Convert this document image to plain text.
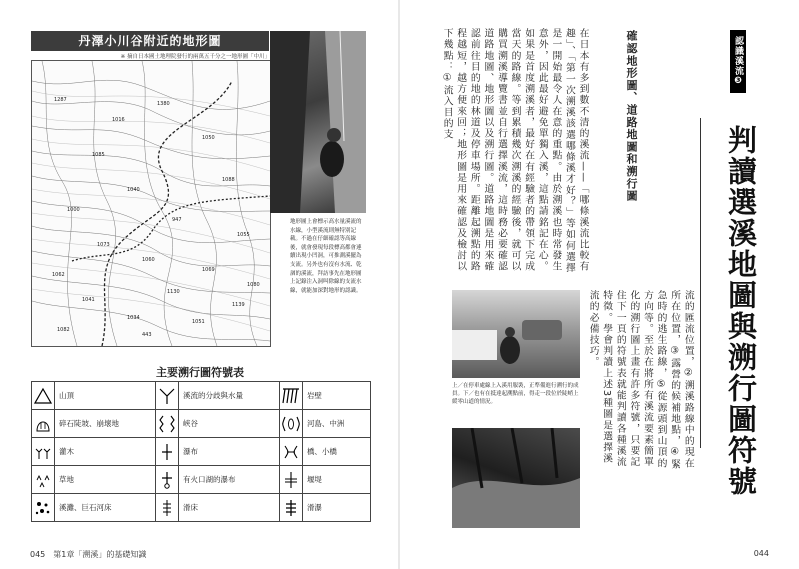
丹澤小川谷附近的地形圖
※ 摘自日本國土地理院發行的兩萬五千分之一地形圖「中川」
1287
1380
1085
1050
1040
1088
1000
947
1073
1055
1060
1062
1069
1130
1041
1139
1034
1051
443
1082
1080
1016
地形圖上會標示高水量溪流的水線，小型溪流則無特別記載。不過在仔細確認等高線後，就會發現每段標高都會連續出現小凹洞，可推測溪擺為支流。另外也有沒有水流、乾涸的溪流，拜訪事先在地形圖上記錄注入洞叫除線的支流水線，就能加深對地形的認識。
主要溯行圖符號表
	山頂		溪流的分歧與水量		岩壁

	碎石陡坡、崩壞地		峽谷		河島、中洲

	灌木		瀑布		橋、小橋

	草地		有火口湖的瀑布		堰堤

	溪灘、巨石河床		滑床		滑瀑
045　第1章「溯溪」的基礎知識
認識溪流❸
判讀選溪地圖與溯行圖符號
確認地形圖、道路地圖和溯行圖
在日本有多到數不清的溪流——「哪條溪流比較有趣」、「第一次溯溪該選哪條溪才好？」等如何選擇是一開始最令人在意的重點。由於溯溪也時常發生意外，因此最好避免單獨入溪，這點請銘記在心。如果是首度溯溪者，最好在有經驗者的帶領下完成當天的路線。等到累積幾次溯溪的經驗後，就可以購買溯溪導覽書並自行選擇溪流，這時務必要確認道路地圖、地形圖以及溯行圖。道路地圖是用來確認前往目的地的林道及停車場所。距離起溯點的路程越短，越方便來回；地形圖是用來確認及檢討以下幾點：①流入目的支
流的匯流位置，②溯溪路線中的現在所在位置，③露營的候補地點，④緊急時的逃生路線，⑤從源頭到山頂的方向等。至於在將所有溪流要素簡單化的溯行圖上畫有許多符號，只要記住下一頁的符號表就能判讀各種溪流特徵。學會判讀上述3種圖是選擇溪流的必備技巧。
上／在停車處線上入溪用服裝，正準備進行溯行的成員。下／也有在抵達起溯點前，得走一段位於陡峭上緩零山道的情況。
044
